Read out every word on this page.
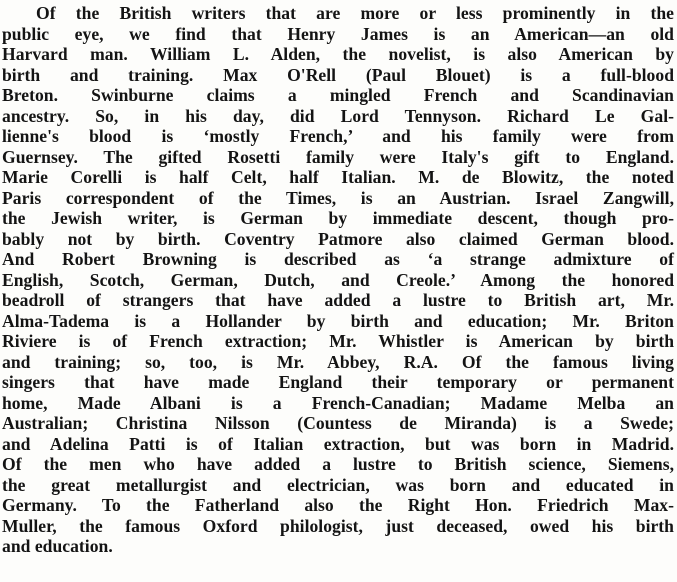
Of the British writers that are more or less prominently in the
public eye, we find that Henry James is an American—an old
Harvard man. William L. Alden, the novelist, is also American by
birth and training. Max O'Rell (Paul Blouet) is a full-blood
Breton. Swinburne claims a mingled French and Scandinavian
ancestry. So, in his day, did Lord Tennyson. Richard Le Gal-
lienne's blood is ‘mostly French,’ and his family were from
Guernsey. The gifted Rosetti family were Italy's gift to England.
Marie Corelli is half Celt, half Italian. M. de Blowitz, the noted
Paris correspondent of the Times, is an Austrian. Israel Zangwill,
the Jewish writer, is German by immediate descent, though pro-
bably not by birth. Coventry Patmore also claimed German blood.
And Robert Browning is described as ‘a strange admixture of
English, Scotch, German, Dutch, and Creole.’ Among the honored
beadroll of strangers that have added a lustre to British art, Mr.
Alma-Tadema is a Hollander by birth and education; Mr. Briton
Riviere is of French extraction; Mr. Whistler is American by birth
and training; so, too, is Mr. Abbey, R.A. Of the famous living
singers that have made England their temporary or permanent
home, Made Albani is a French-Canadian; Madame Melba an
Australian; Christina Nilsson (Countess de Miranda) is a Swede;
and Adelina Patti is of Italian extraction, but was born in Madrid.
Of the men who have added a lustre to British science, Siemens,
the great metallurgist and electrician, was born and educated in
Germany. To the Fatherland also the Right Hon. Friedrich Max-
Muller, the famous Oxford philologist, just deceased, owed his birth
and education.
